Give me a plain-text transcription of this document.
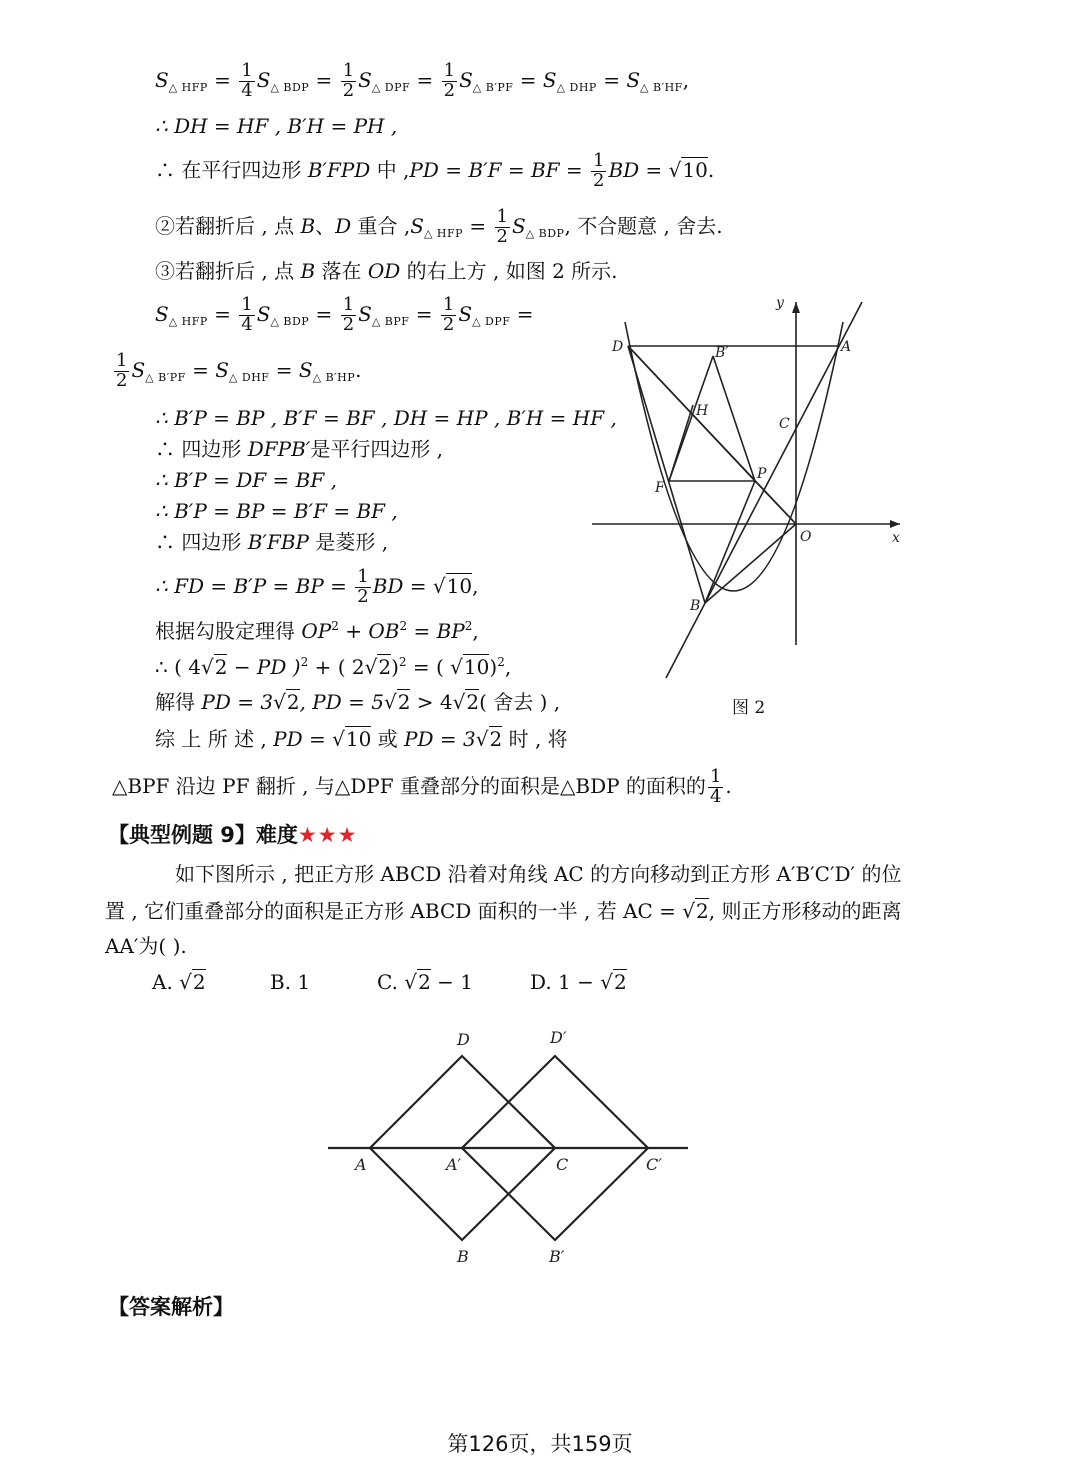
$S_{\triangle HFP} = \frac{1}{4} S_{\triangle BDP} = \frac{1}{2} S_{\triangle DPF} = \frac{1}{2} S_{\triangle B'PF} = S_{\triangle DHP} = S_{\triangle B'HF}$,
∴ DH = HF , B′H = PH ,
∴ 在平行四边形 B′FPD 中 ,PD = B′F = BF = $\frac{1}{2}$ BD = √10.
②若翻折后 , 点 B、D 重合 $,S_{\triangle HFP} = \frac{1}{2} S_{\triangle BDP}$, 不合题意 , 舍去.
③若翻折后 , 点 B 落在 OD 的右上方 , 如图 2 所示.
$S_{\triangle HFP} = \frac{1}{4} S_{\triangle BDP} = \frac{1}{2} S_{\triangle BPF} = \frac{1}{2} S_{\triangle DPF}$ =
$\frac{1}{2} S_{\triangle B'PF} = S_{\triangle DHF} = S_{\triangle B'HP}$.
∴ B′P = BP , B′F = BF , DH = HP , B′H = HF ,
∴ 四边形 DFPB′是平行四边形 ,
∴ B′P = DF = BF ,
∴ B′P = BP = B′F = BF ,
∴ 四边形 B′FBP 是菱形 ,
∴ FD = B′P = BP = $\frac{1}{2}$ BD = √10,
根据勾股定理得 $OP^2 + OB^2 = BP^2$,
∴ ( 4√2 − PD )$^2$ + ( 2√2)$^2$ = ( √10)$^2$,
解得 PD = 3√2, PD = 5√2 > 4√2( 舍去 ) ,
综 上 所 述 , PD = √10 或 PD = 3√2 时 , 将
△BPF 沿边 PF 翻折 , 与△DPF 重叠部分的面积是△BDP 的面积的 $\frac{1}{4}$ .
y
x
O
D	A
B′
H
C
P
F
B
图 2
【典型例题 9】难度★★★
如下图所示 , 把正方形 ABCD 沿着对角线 AC 的方向移动到正方形 A′B′C′D′ 的位
置 , 它们重叠部分的面积是正方形 ABCD 面积的一半 , 若 AC = √2, 则正方形移动的距离
AA′为( ).
A. √2	B. 1	C. √2 − 1	D. 1 − √2
D	D′
A	A′	C	C′
B	B′
【答案解析】
第126页，共159页
